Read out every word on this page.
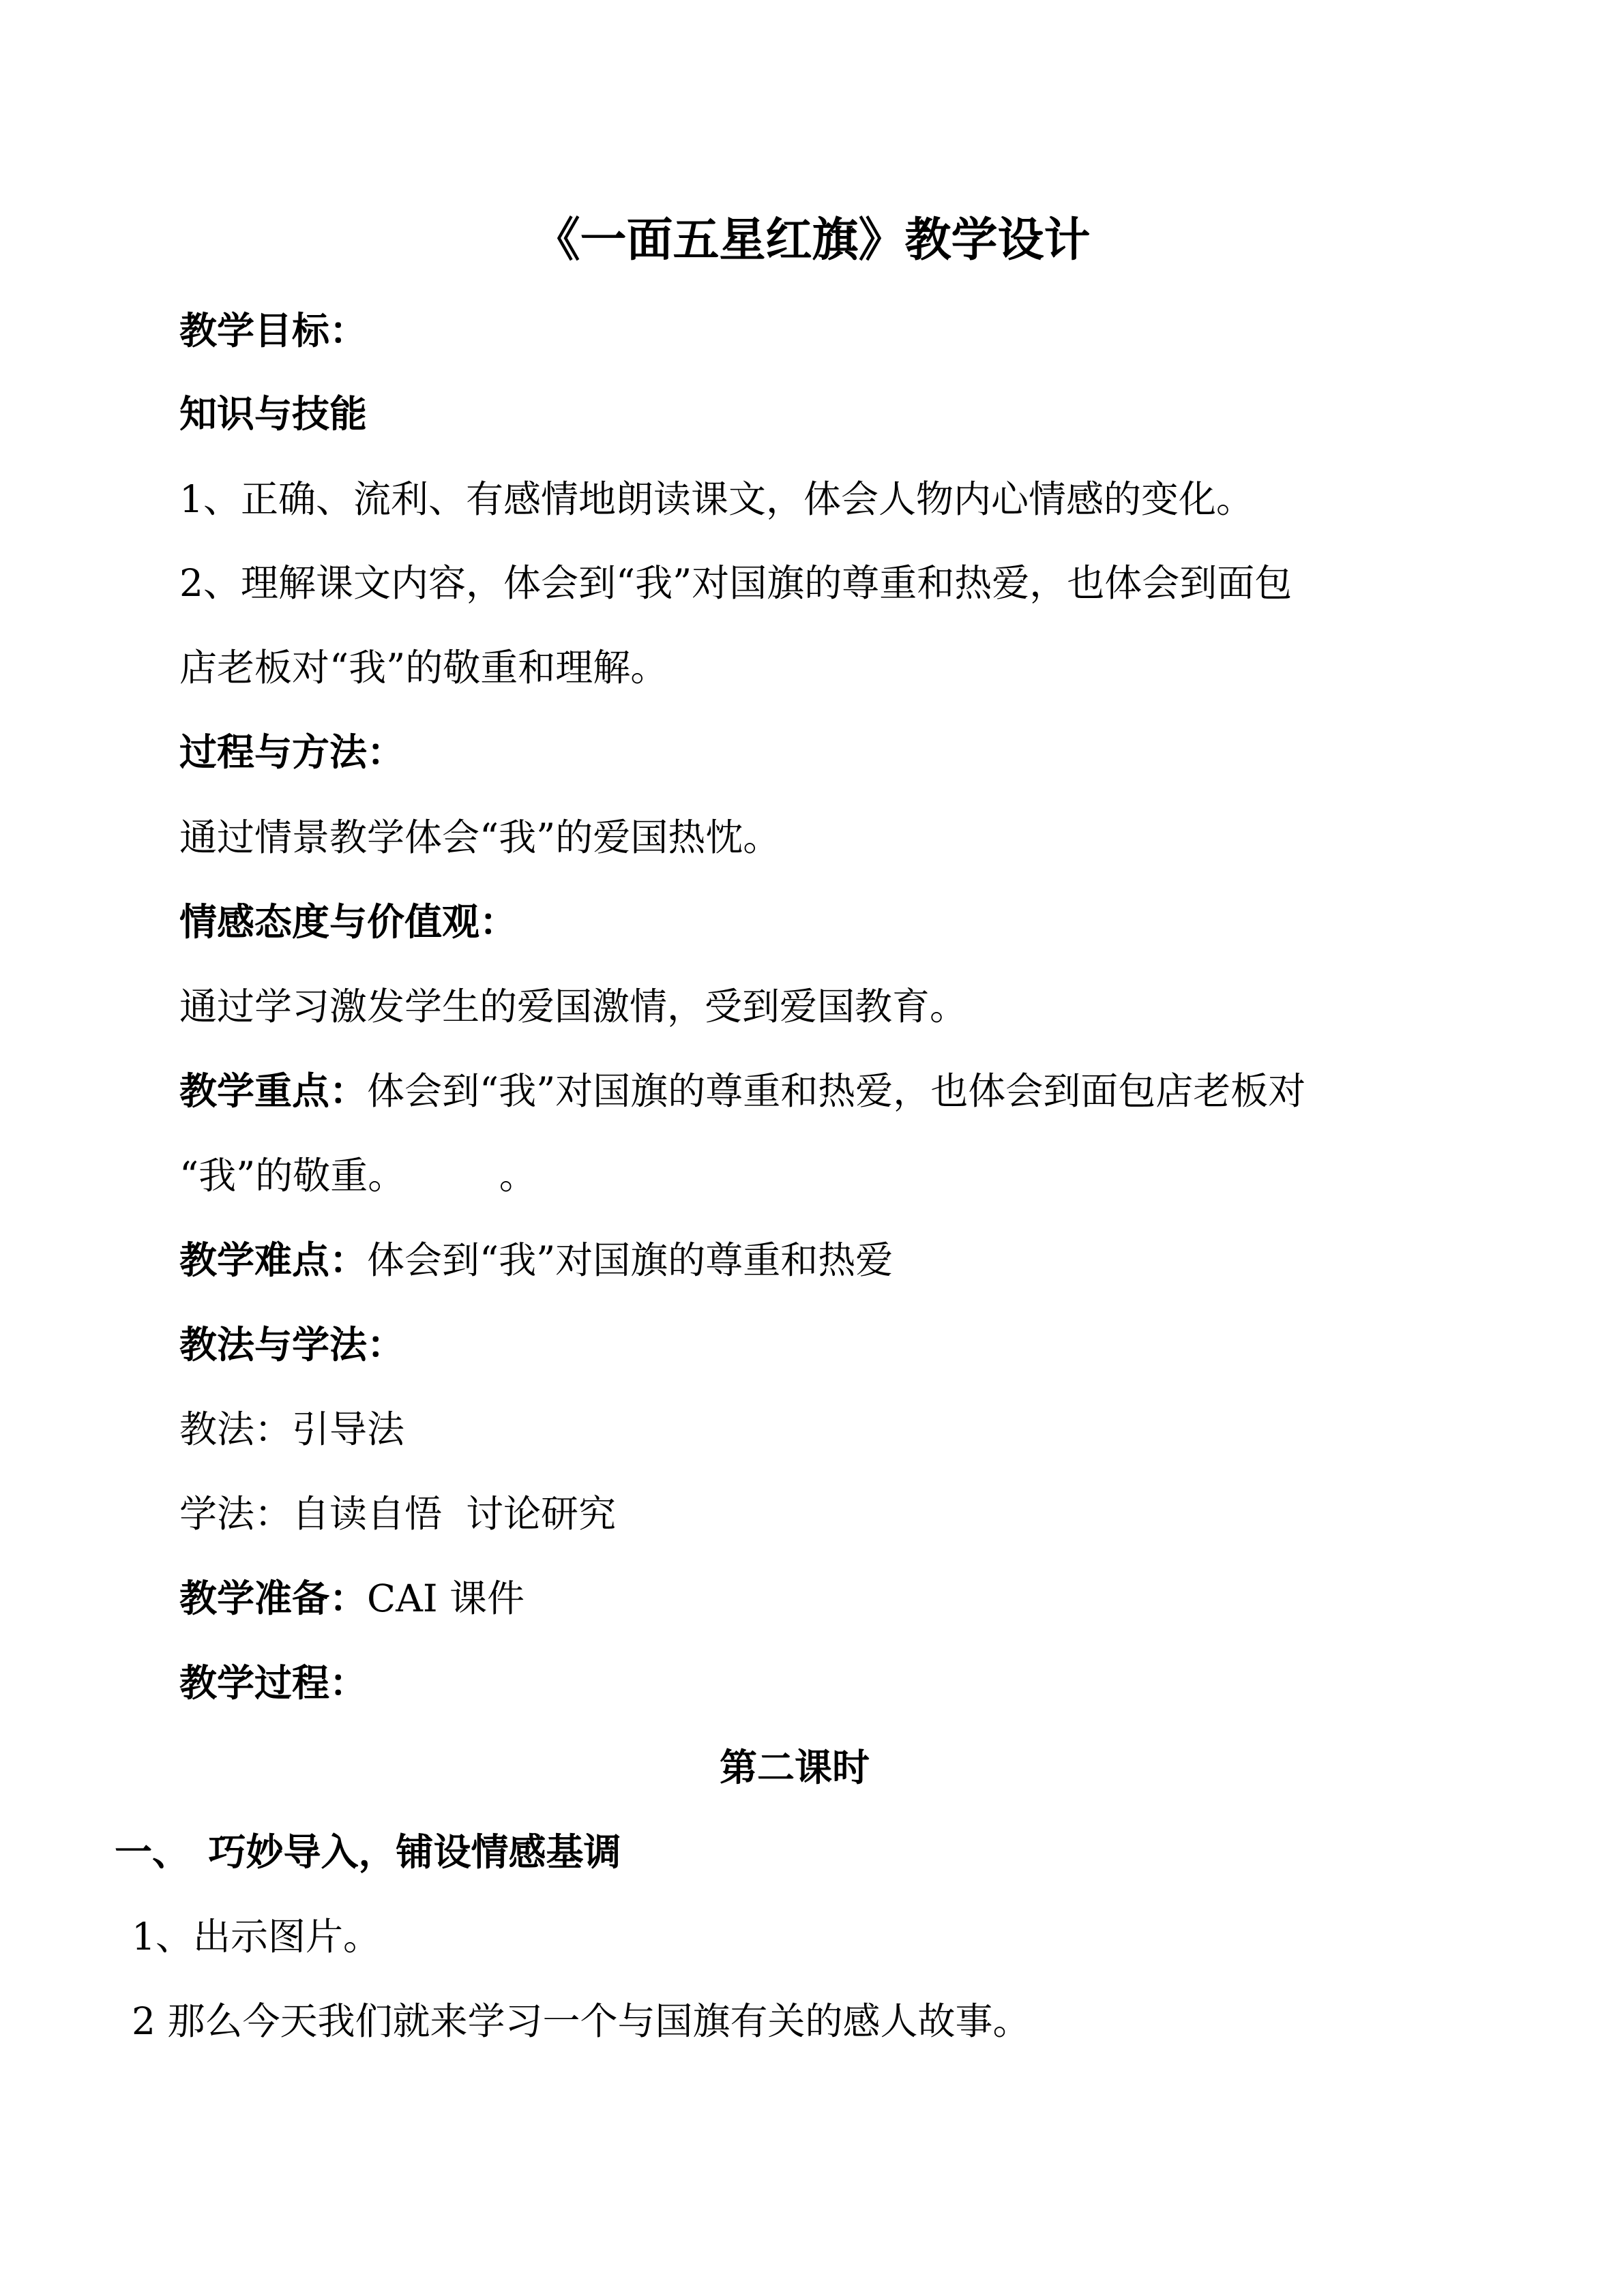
《一面五星红旗》教学设计
教学目标：
知识与技能
1、正确、流利、有感情地朗读课文，体会人物内心情感的变化。
2、理解课文内容，体会到“我”对国旗的尊重和热爱，也体会到面包
店老板对“我”的敬重和理解。
过程与方法：
通过情景教学体会“我”的爱国热忱。
情感态度与价值观：
通过学习激发学生的爱国激情，受到爱国教育。
教学重点：体会到“我”对国旗的尊重和热爱，也体会到面包店老板对
“我”的敬重。　　　。
教学难点：体会到“我”对国旗的尊重和热爱
教法与学法：
教法：引导法
学法：自读自悟  讨论研究
教学准备：CAI 课件
教学过程：
第二课时
一、　巧妙导入，铺设情感基调
1、出示图片。
2 那么今天我们就来学习一个与国旗有关的感人故事。
